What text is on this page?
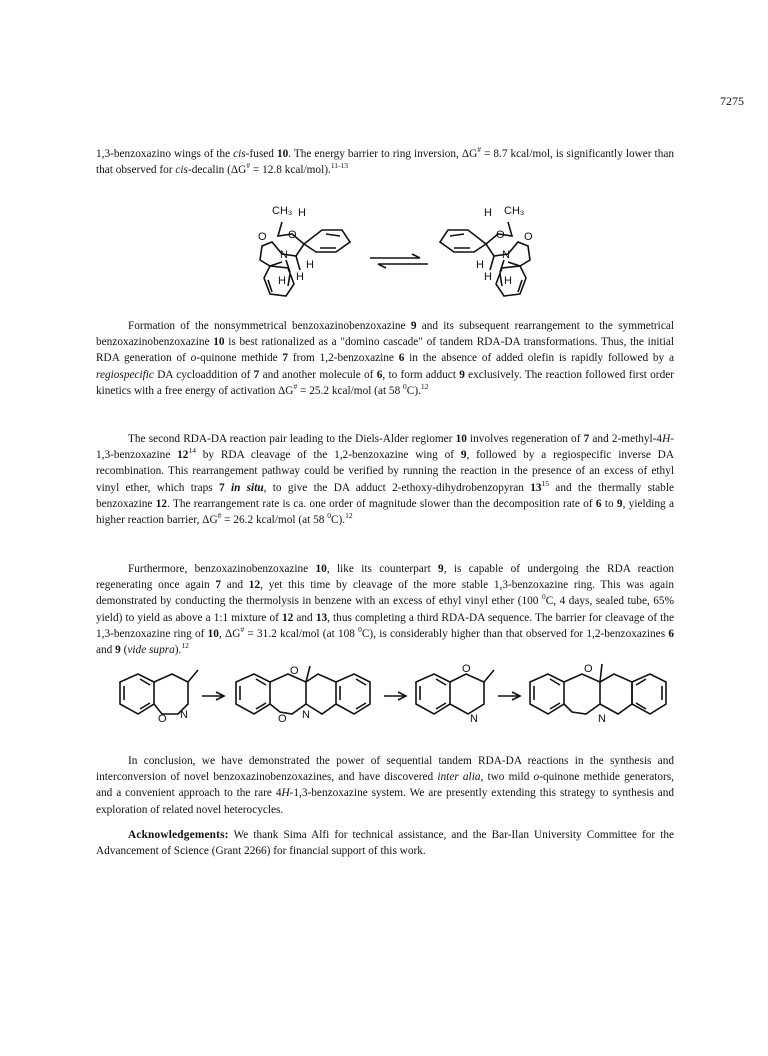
7275

1,3-benzoxazino wings of the cis-fused 10. The energy barrier to ring inversion, ΔG# = 8.7 kcal/mol, is significantly lower than that observed for cis-decalin (ΔG# = 12.8 kcal/mol).$^{11-13}$

CH₃ H
O
O
N
H
H
H
CH₃
H
O O
N
H
H H

Formation of the nonsymmetrical benzoxazinobenzoxazine 9 and its subsequent rearrangement to the symmetrical benzoxazinobenzoxazine 10 is best rationalized as a "domino cascade" of tandem RDA-DA transformations. Thus, the initial RDA generation of o-quinone methide 7 from 1,2-benzoxazine 6 in the absence of added olefin is rapidly followed by a regiospecific DA cycloaddition of 7 and another molecule of 6, to form adduct 9 exclusively. The reaction followed first order kinetics with a free energy of activation ΔG# = 25.2 kcal/mol (at 58 $^0$C).$^{12}$

The second RDA-DA reaction pair leading to the Diels-Alder regiomer 10 involves regeneration of 7 and 2-methyl-4H-1,3-benzoxazine $12^{14}$ by RDA cleavage of the 1,2-benzoxazine wing of 9, followed by a regiospecific inverse DA recombination. This rearrangement pathway could be verified by running the reaction in the presence of an excess of ethyl vinyl ether, which traps 7 in situ, to give the DA adduct 2-ethoxy-dihydrobenzopyran $13^{15}$ and the thermally stable benzoxazine 12. The rearrangement rate is ca. one order of magnitude slower than the decomposition rate of 6 to 9, yielding a higher reaction barrier, ΔG# = 26.2 kcal/mol (at 58 $^0$C).$^{12}$

Furthermore, benzoxazinobenzoxazine 10, like its counterpart 9, is capable of undergoing the RDA reaction regenerating once again 7 and 12, yet this time by cleavage of the more stable 1,3-benzoxazine ring. This was again demonstrated by conducting the thermolysis in benzene with an excess of ethyl vinyl ether (100 $^0$C, 4 days, sealed tube, 65% yield) to yield as above a 1:1 mixture of 12 and 13, thus completing a third RDA-DA sequence. The barrier for cleavage of the 1,3-benzoxazine ring of 10, ΔG# = 31.2 kcal/mol (at 108 $^0$C), is considerably higher than that observed for 1,2-benzoxazines 6 and 9 (vide supra).$^{12}$

O N
O
O N
O
N
O
N

In conclusion, we have demonstrated the power of sequential tandem RDA-DA reactions in the synthesis and interconversion of novel benzoxazinobenzoxazines, and have discovered inter alia, two mild o-quinone methide generators, and a convenient approach to the rare 4H-1,3-benzoxazine system. We are presently extending this strategy to synthesis and exploration of related novel heterocycles.

Acknowledgements: We thank Sima Alfi for technical assistance, and the Bar-Ilan University Committee for the Advancement of Science (Grant 2266) for financial support of this work.
